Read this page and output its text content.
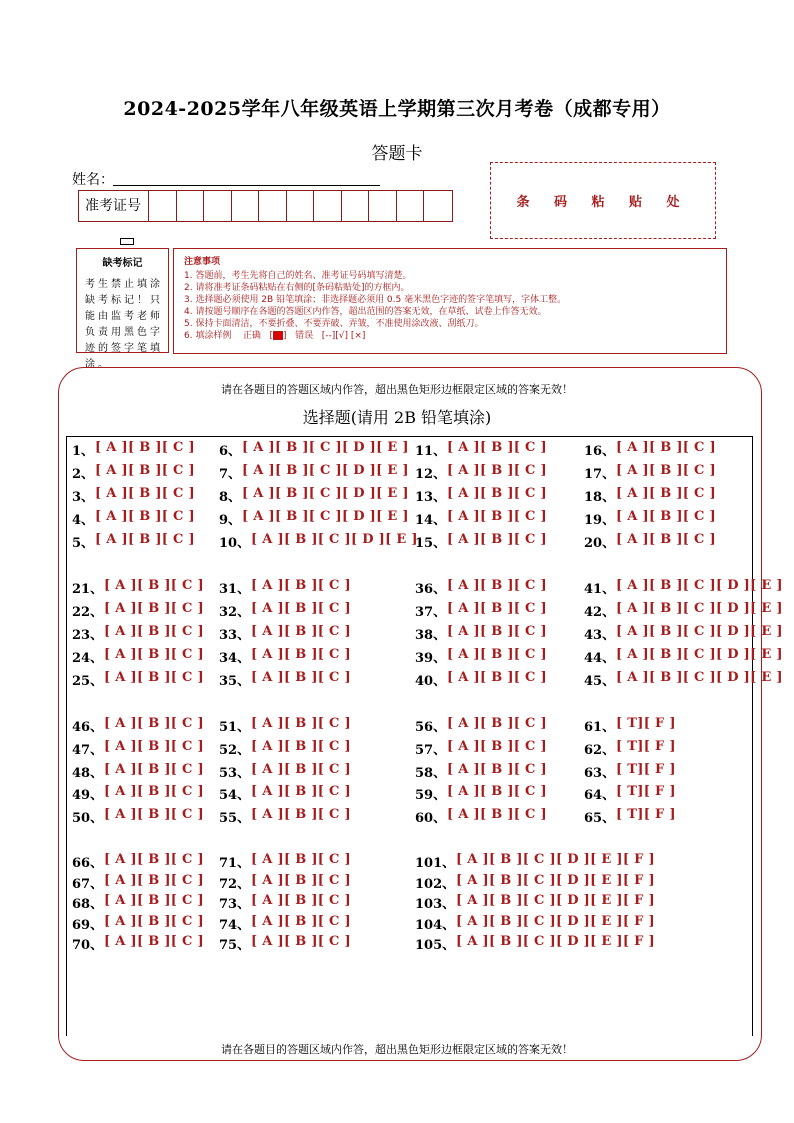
2024-2025学年八年级英语上学期第三次月考卷（成都专用）
答题卡
姓名：
准考证号	条 码 粘 贴 处
缺考标记
考生禁止填涂缺考标记！只能由监考老师负责用黑色字迹的签字笔填涂。
注意事项
1. 答题前，考生先将自己的姓名、准考证号码填写清楚。
2. 请将准考证条码粘贴在右侧的[条码粘贴处]的方框内。
3. 选择题必须使用 2B 铅笔填涂；非选择题必须用 0.5 毫米黑色字迹的签字笔填写，字体工整。
4. 请按题号顺序在各题的答题区内作答，超出范围的答案无效，在草纸、试卷上作答无效。
5. 保持卡面清洁，不要折叠、不要弄破、弄皱，不准使用涂改液、刮纸刀。
6. 填涂样例 正确   [ ]   错误 [--][√] [×]
请在各题目的答题区域内作答，超出黑色矩形边框限定区域的答案无效！
选择题(请用 2B 铅笔填涂)
请在各题目的答题区域内作答，超出黑色矩形边框限定区域的答案无效！
1、 [ A ][ B ][ C ]
2、 [ A ][ B ][ C ]
3、 [ A ][ B ][ C ]
4、 [ A ][ B ][ C ]
5、 [ A ][ B ][ C ]
6、 [ A ][ B ][ C ][ D ][ E ]
7、 [ A ][ B ][ C ][ D ][ E ]
8、 [ A ][ B ][ C ][ D ][ E ]
9、 [ A ][ B ][ C ][ D ][ E ]
10、 [ A ][ B ][ C ][ D ][ E ]
11、 [ A ][ B ][ C ]
12、 [ A ][ B ][ C ]
13、 [ A ][ B ][ C ]
14、 [ A ][ B ][ C ]
15、 [ A ][ B ][ C ]
16、 [ A ][ B ][ C ]
17、 [ A ][ B ][ C ]
18、 [ A ][ B ][ C ]
19、 [ A ][ B ][ C ]
20、 [ A ][ B ][ C ]
21、 [ A ][ B ][ C ]
22、 [ A ][ B ][ C ]
23、 [ A ][ B ][ C ]
24、 [ A ][ B ][ C ]
25、 [ A ][ B ][ C ]
31、 [ A ][ B ][ C ]
32、 [ A ][ B ][ C ]
33、 [ A ][ B ][ C ]
34、 [ A ][ B ][ C ]
35、 [ A ][ B ][ C ]
36、 [ A ][ B ][ C ]
37、 [ A ][ B ][ C ]
38、 [ A ][ B ][ C ]
39、 [ A ][ B ][ C ]
40、 [ A ][ B ][ C ]
41、 [ A ][ B ][ C ][ D ][ E ]
42、 [ A ][ B ][ C ][ D ][ E ]
43、 [ A ][ B ][ C ][ D ][ E ]
44、 [ A ][ B ][ C ][ D ][ E ]
45、 [ A ][ B ][ C ][ D ][ E ]
46、 [ A ][ B ][ C ]
47、 [ A ][ B ][ C ]
48、 [ A ][ B ][ C ]
49、 [ A ][ B ][ C ]
50、 [ A ][ B ][ C ]
51、 [ A ][ B ][ C ]
52、 [ A ][ B ][ C ]
53、 [ A ][ B ][ C ]
54、 [ A ][ B ][ C ]
55、 [ A ][ B ][ C ]
56、 [ A ][ B ][ C ]
57、 [ A ][ B ][ C ]
58、 [ A ][ B ][ C ]
59、 [ A ][ B ][ C ]
60、 [ A ][ B ][ C ]
61、 [ T][ F ]
62、 [ T][ F ]
63、 [ T][ F ]
64、 [ T][ F ]
65、 [ T][ F ]
66、 [ A ][ B ][ C ]
67、 [ A ][ B ][ C ]
68、 [ A ][ B ][ C ]
69、 [ A ][ B ][ C ]
70、 [ A ][ B ][ C ]
71、 [ A ][ B ][ C ]
72、 [ A ][ B ][ C ]
73、 [ A ][ B ][ C ]
74、 [ A ][ B ][ C ]
75、 [ A ][ B ][ C ]
101、 [ A ][ B ][ C ][ D ][ E ][ F ]
102、 [ A ][ B ][ C ][ D ][ E ][ F ]
103、 [ A ][ B ][ C ][ D ][ E ][ F ]
104、 [ A ][ B ][ C ][ D ][ E ][ F ]
105、 [ A ][ B ][ C ][ D ][ E ][ F ]
